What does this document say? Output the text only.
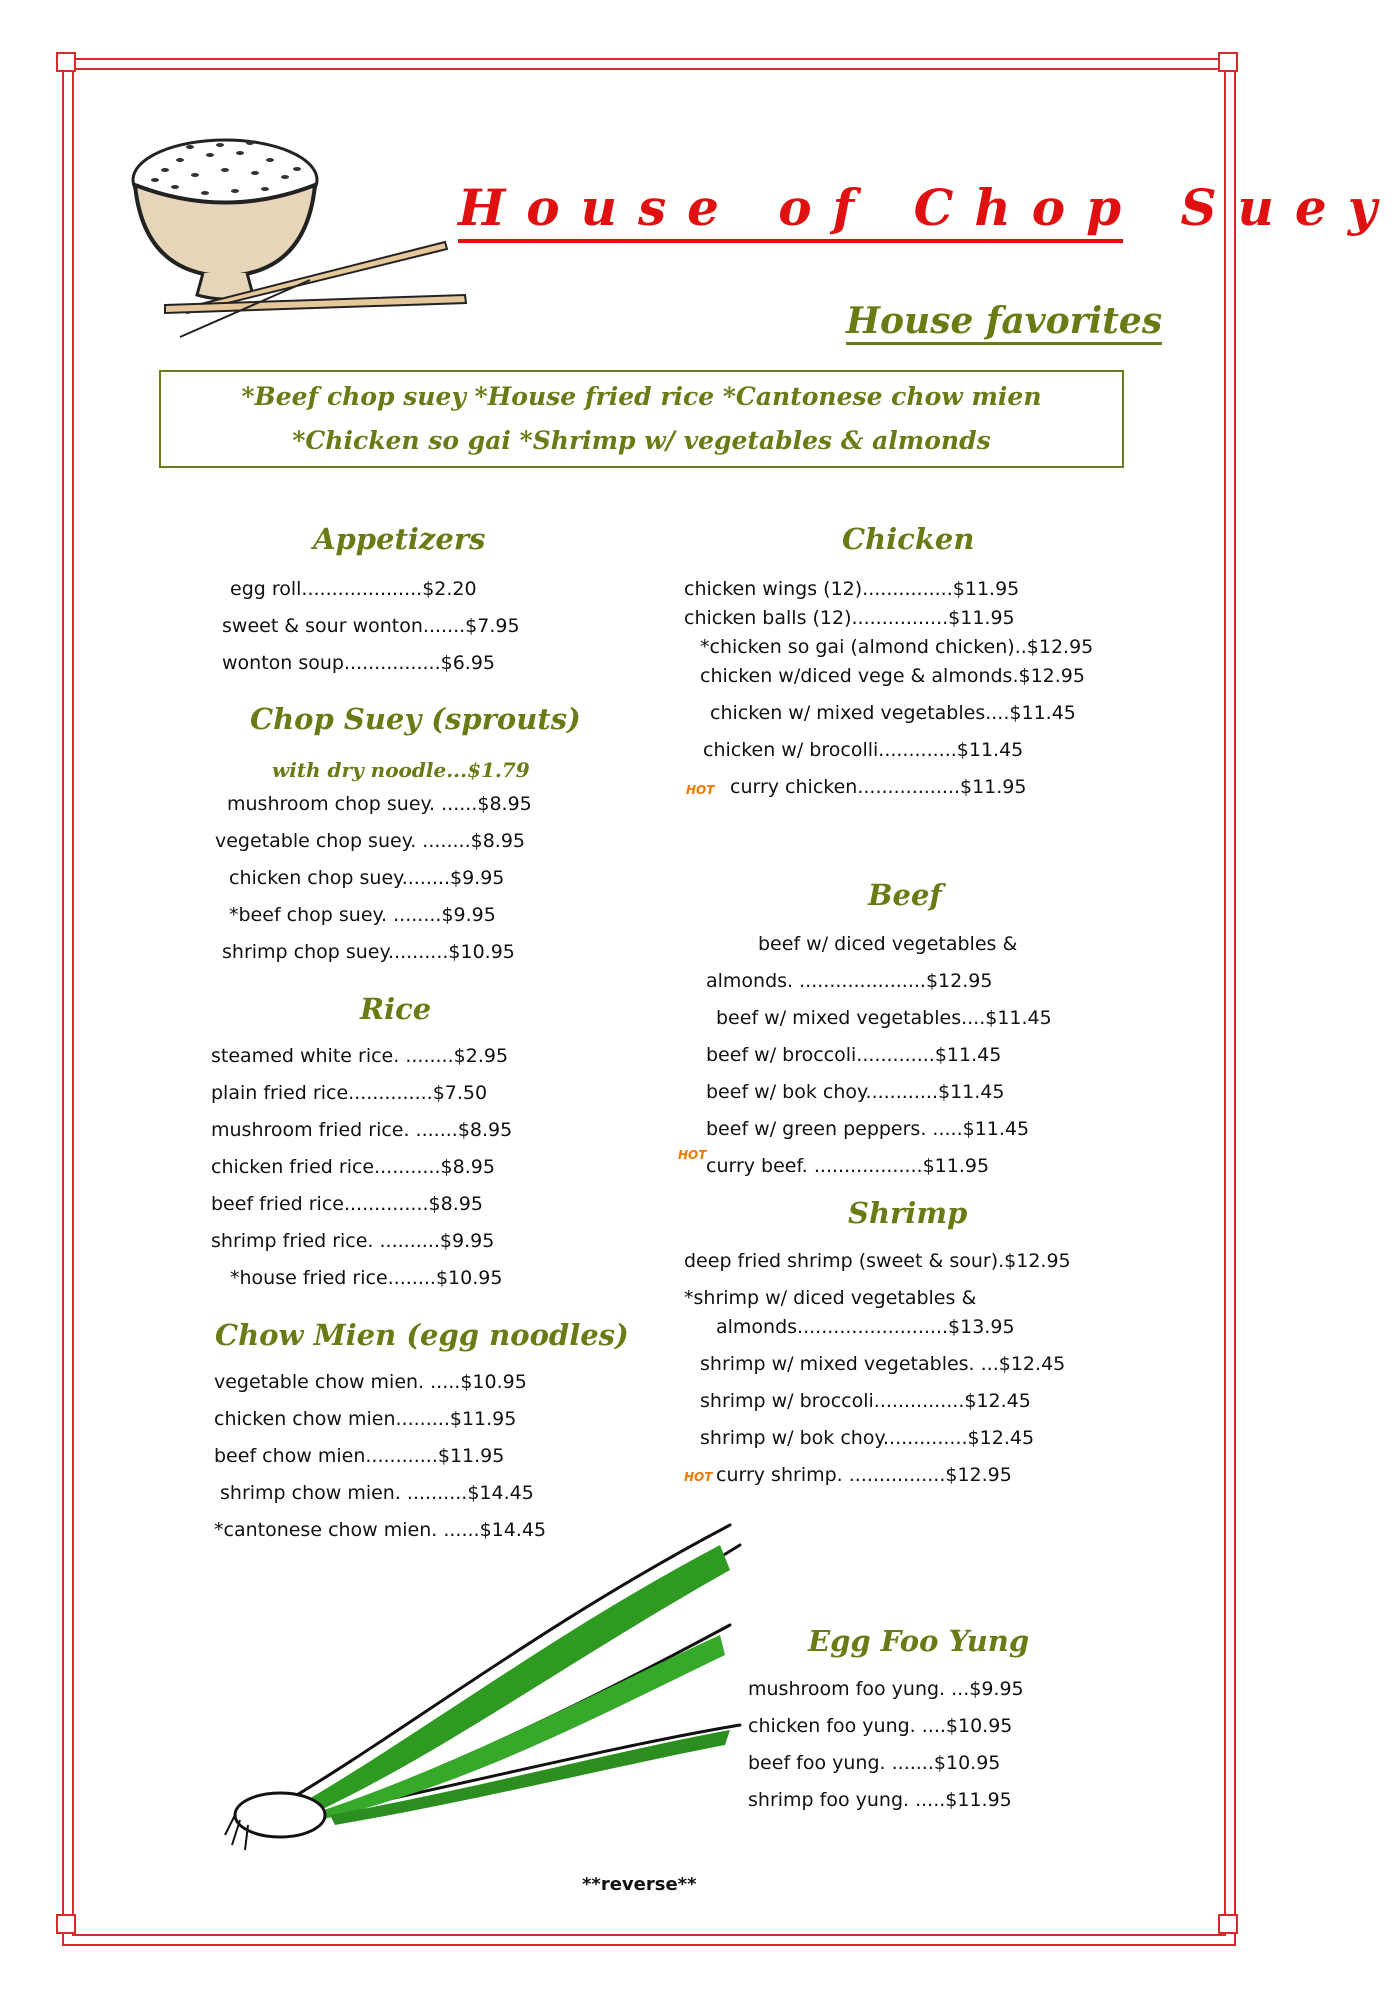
House of Chop Suey
House favorites
*Beef chop suey *House fried rice *Cantonese chow mien *Chicken so gai *Shrimp w/ vegetables & almonds
Appetizers
egg roll....................$2.20
sweet & sour wonton.......$7.95
wonton soup................$6.95
Chop Suey (sprouts)
with dry noodle...$1.79
mushroom chop suey. ......$8.95
vegetable chop suey. ........$8.95
chicken chop suey........$9.95
*beef chop suey. ........$9.95
shrimp chop suey..........$10.95
Rice
steamed white rice. ........$2.95
plain fried rice..............$7.50
mushroom fried rice. .......$8.95
chicken fried rice...........$8.95
beef fried rice..............$8.95
shrimp fried rice. ..........$9.95
*house fried rice........$10.95
Chow Mien (egg noodles)
vegetable chow mien. .....$10.95
chicken chow mien.........$11.95
beef chow mien............$11.95
shrimp chow mien. ..........$14.45
*cantonese chow mien. ......$14.45
Chicken
chicken wings (12)...............$11.95
chicken balls (12)................$11.95
*chicken so gai (almond chicken)..$12.95
chicken w/diced vege & almonds.$12.95
chicken w/ mixed vegetables....$11.45
chicken w/ brocolli.............$11.45
HOT curry chicken.................$11.95
Beef
beef w/ diced vegetables &
almonds. .....................$12.95
beef w/ mixed vegetables....$11.45
beef w/ broccoli.............$11.45
beef w/ bok choy............$11.45
beef w/ green peppers. .....$11.45
HOT curry beef. ..................$11.95
Shrimp
deep fried shrimp (sweet & sour).$12.95
*shrimp w/ diced vegetables &
almonds.........................$13.95
shrimp w/ mixed vegetables. ...$12.45
shrimp w/ broccoli...............$12.45
shrimp w/ bok choy..............$12.45
HOT curry shrimp. ................$12.95
Egg Foo Yung
mushroom foo yung. ...$9.95
chicken foo yung. ....$10.95
beef foo yung. .......$10.95
shrimp foo yung. .....$11.95
**reverse**
